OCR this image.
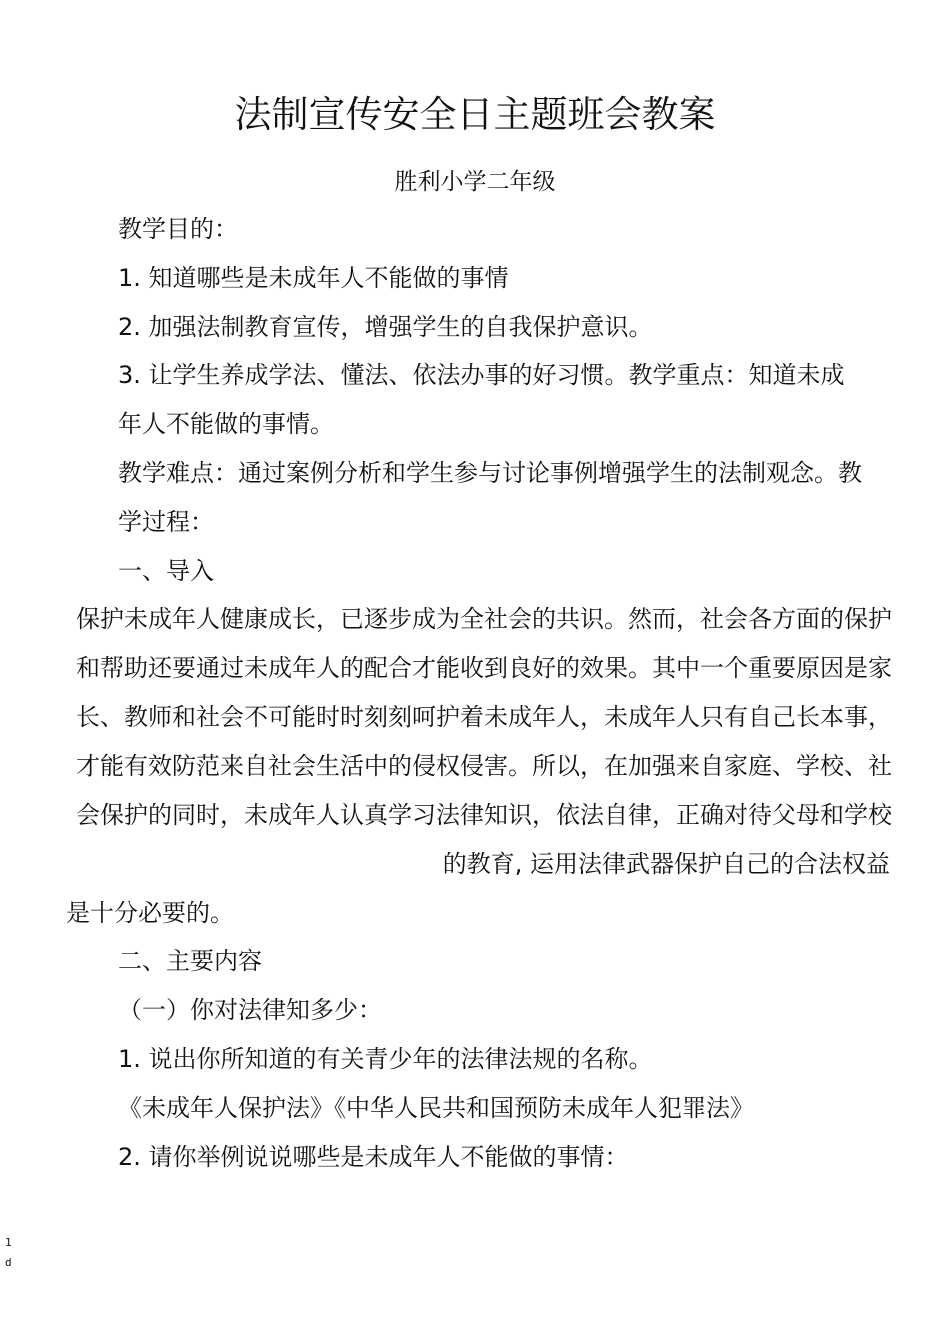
法制宣传安全日主题班会教案
胜利小学二年级
教学目的：
1. 知道哪些是未成年人不能做的事情
2. 加强法制教育宣传，增强学生的自我保护意识。
3. 让学生养成学法、懂法、依法办事的好习惯。教学重点：知道未成
年人不能做的事情。
教学难点：通过案例分析和学生参与讨论事例增强学生的法制观念。教
学过程：
一、导入
保护未成年人健康成长，已逐步成为全社会的共识。然而，社会各方面的保护
和帮助还要通过未成年人的配合才能收到良好的效果。其中一个重要原因是家
长、教师和社会不可能时时刻刻呵护着未成年人，未成年人只有自己长本事，
才能有效防范来自社会生活中的侵权侵害。所以，在加强来自家庭、学校、社
会保护的同时，未成年人认真学习法律知识，依法自律，正确对待父母和学校
的教育, 运用法律武器保护自己的合法权益
是十分必要的。
二、主要内容
（一）你对法律知多少：
1. 说出你所知道的有关青少年的法律法规的名称。
《未成年人保护法》《中华人民共和国预防未成年人犯罪法》
2. 请你举例说说哪些是未成年人不能做的事情：
1
d
